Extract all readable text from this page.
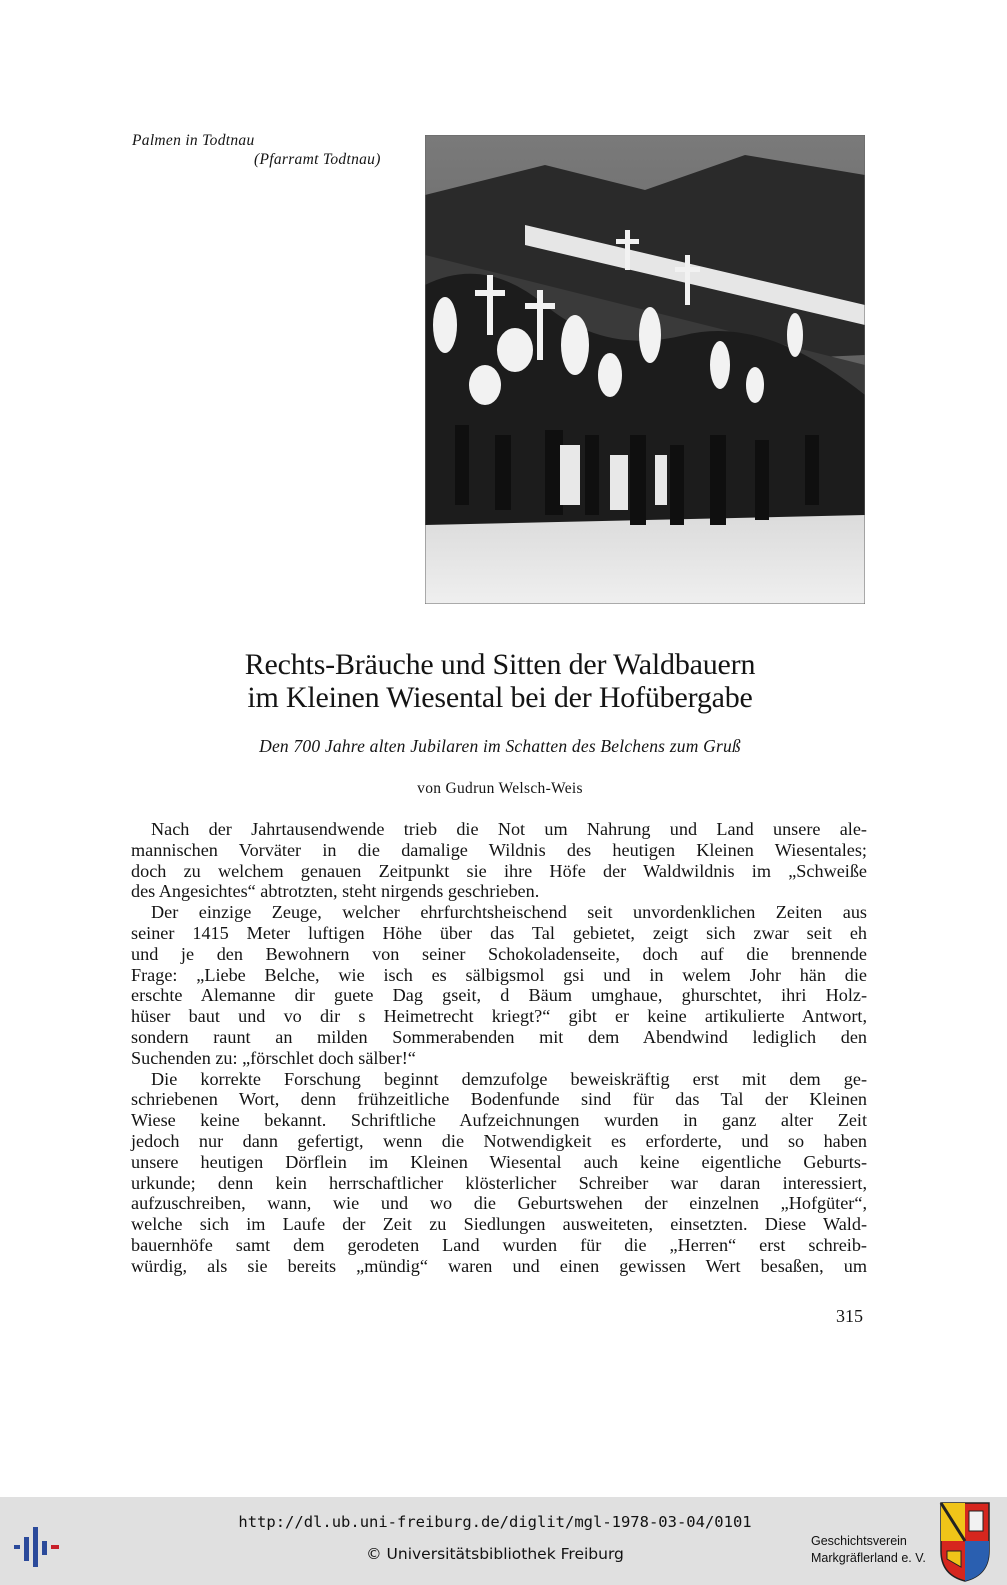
Palmen in Todtnau
(Pfarramt Todtnau)
Rechts-Bräuche und Sitten der Waldbauern
im Kleinen Wiesental bei der Hofübergabe
Den 700 Jahre alten Jubilaren im Schatten des Belchens zum Gruß
von Gudrun Welsch-Weis
Nach der Jahrtausendwende trieb die Not um Nahrung und Land unsere ale-
mannischen Vorväter in die damalige Wildnis des heutigen Kleinen Wiesentales;
doch zu welchem genauen Zeitpunkt sie ihre Höfe der Waldwildnis im „Schweiße
des Angesichtes“ abtrotzten, steht nirgends geschrieben.
Der einzige Zeuge, welcher ehrfurchtsheischend seit unvordenklichen Zeiten aus
seiner 1415 Meter luftigen Höhe über das Tal gebietet, zeigt sich zwar seit eh
und je den Bewohnern von seiner Schokoladenseite, doch auf die brennende
Frage: „Liebe Belche, wie isch es sälbigsmol gsi und in welem Johr hän die
erschte Alemanne dir guete Dag gseit, d Bäum umghaue, ghurschtet, ihri Holz-
hüser baut und vo dir s Heimetrecht kriegt?“ gibt er keine artikulierte Antwort,
sondern raunt an milden Sommerabenden mit dem Abendwind lediglich den
Suchenden zu: „förschlet doch sälber!“
Die korrekte Forschung beginnt demzufolge beweiskräftig erst mit dem ge-
schriebenen Wort, denn frühzeitliche Bodenfunde sind für das Tal der Kleinen
Wiese keine bekannt. Schriftliche Aufzeichnungen wurden in ganz alter Zeit
jedoch nur dann gefertigt, wenn die Notwendigkeit es erforderte, und so haben
unsere heutigen Dörflein im Kleinen Wiesental auch keine eigentliche Geburts-
urkunde; denn kein herrschaftlicher klösterlicher Schreiber war daran interessiert,
aufzuschreiben, wann, wie und wo die Geburtswehen der einzelnen „Hofgüter“,
welche sich im Laufe der Zeit zu Siedlungen ausweiteten, einsetzten. Diese Wald-
bauernhöfe samt dem gerodeten Land wurden für die „Herren“ erst schreib-
würdig, als sie bereits „mündig“ waren und einen gewissen Wert besaßen, um
315
http://dl.ub.uni-freiburg.de/diglit/mgl-1978-03-04/0101
© Universitätsbibliothek Freiburg
Geschichtsverein
Markgräflerland e. V.
